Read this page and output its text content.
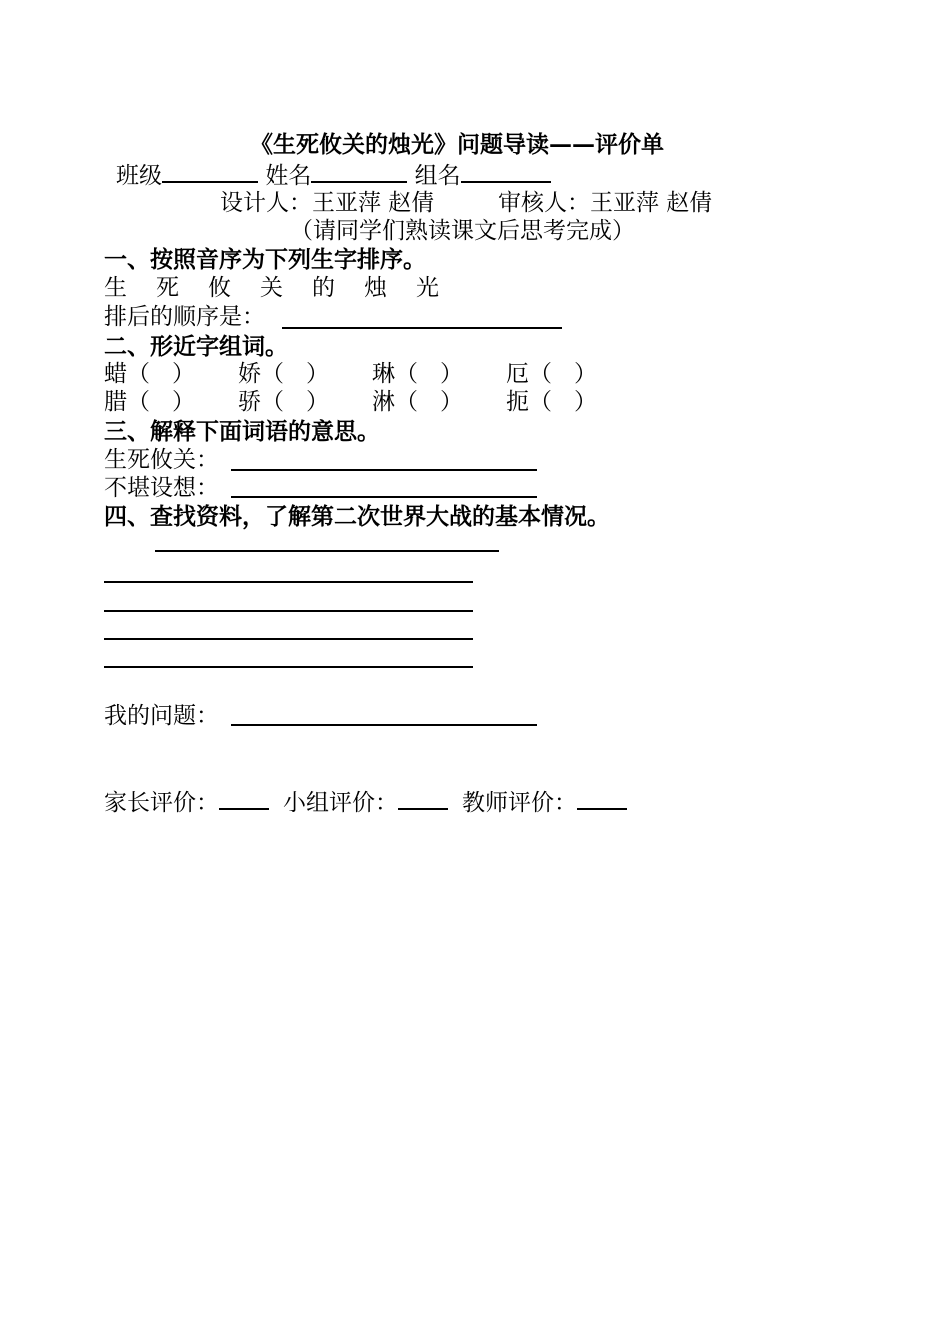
《生死攸关的烛光》问题导读——评价单
班级	姓名	组名
设计人：王亚萍 赵倩	审核人：王亚萍 赵倩
（请同学们熟读课文后思考完成）
一、按照音序为下列生字排序。
生 死 攸 关 的 烛 光
排后的顺序是：
二、形近字组词。
蜡（ ） 娇（ ） 琳（ ） 厄（ ）
腊（ ） 骄（ ） 淋（ ） 扼（ ）
三、解释下面词语的意思。
生死攸关：
不堪设想：
四、查找资料，了解第二次世界大战的基本情况。
我的问题：
家长评价：	小组评价：	教师评价：
